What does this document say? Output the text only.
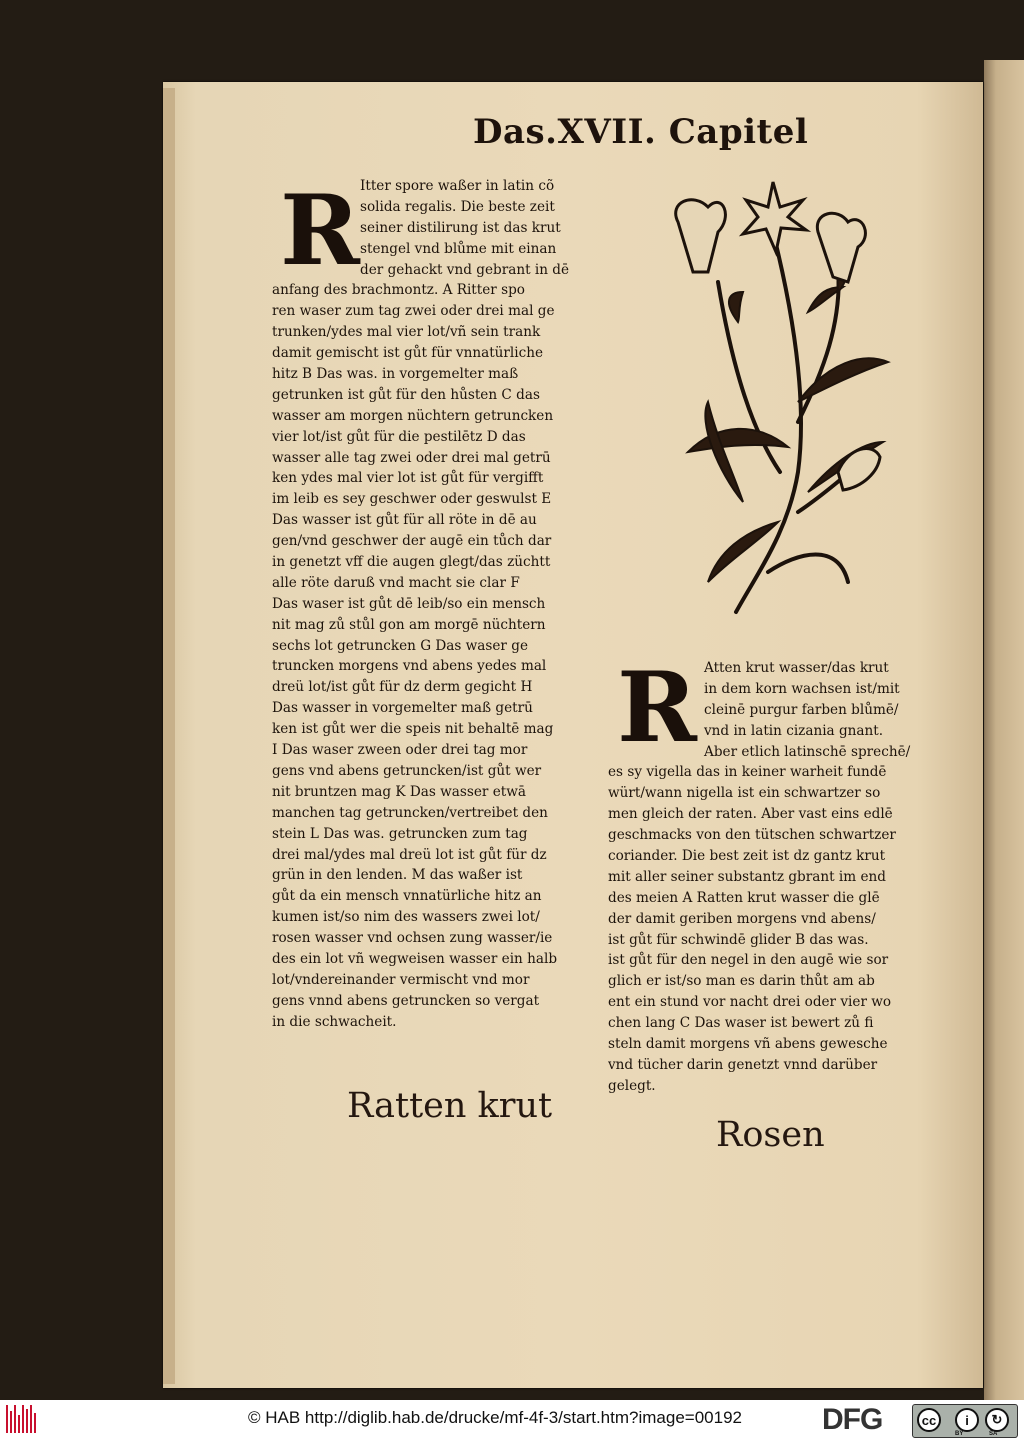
Das.XVII. Capitel
R Itter spore waßer in latin cõ
solida regalis. Die beste zeit
seiner distilirung ist das krut
stengel vnd blůme mit einan
der gehackt vnd gebrant in dē
anfang des brachmontz. A Ritter spo
ren waser zum tag zwei oder drei mal ge
trunken/ydes mal vier lot/vñ sein trank
damit gemischt ist gůt für vnnatürliche
hitz B Das was. in vorgemelter maß
getrunken ist gůt für den hůsten C das
wasser am morgen nüchtern getruncken
vier lot/ist gůt für die pestilētz D das
wasser alle tag zwei oder drei mal getrū
ken ydes mal vier lot ist gůt für vergifft
im leib es sey geschwer oder geswulst E
Das wasser ist gůt für all röte in dē au
gen/vnd geschwer der augē ein tůch dar
in genetzt vff die augen glegt/das züchtt
alle röte daruß vnd macht sie clar F
Das waser ist gůt dē leib/so ein mensch
nit mag zů stůl gon am morgē nüchtern
sechs lot getruncken G Das waser ge
truncken morgens vnd abens yedes mal
dreü lot/ist gůt für dz derm gegicht H
Das wasser in vorgemelter maß getrū
ken ist gůt wer die speis nit behaltē mag
I Das waser zween oder drei tag mor
gens vnd abens getruncken/ist gůt wer
nit bruntzen mag K Das wasser etwā
manchen tag getruncken/vertreibet den
stein L Das was. getruncken zum tag
drei mal/ydes mal dreü lot ist gůt für dz
grün in den lenden. M das waßer ist
gůt da ein mensch vnnatürliche hitz an
kumen ist/so nim des wassers zwei lot/
rosen wasser vnd ochsen zung wasser/ie
des ein lot vñ wegweisen wasser ein halb
lot/vndereinander vermischt vnd mor
gens vnnd abens getruncken so vergat
in die schwacheit.
R Atten krut wasser/das krut
in dem korn wachsen ist/mit
cleinē purgur farben blůmē/
vnd in latin cizania gnant.
Aber etlich latinschē sprechē/
es sy vigella das in keiner warheit fundē
würt/wann nigella ist ein schwartzer so
men gleich der raten. Aber vast eins edlē
geschmacks von den tütschen schwartzer
coriander. Die best zeit ist dz gantz krut
mit aller seiner substantz gbrant im end
des meien A Ratten krut wasser die glē
der damit geriben morgens vnd abens/
ist gůt für schwindē glider B das was.
ist gůt für den negel in den augē wie sor
glich er ist/so man es darin thůt am ab
ent ein stund vor nacht drei oder vier wo
chen lang C Das waser ist bewert zů fi
steln damit morgens vñ abens gewesche
vnd tücher darin genetzt vnnd darüber
gelegt.
Ratten krut
Rosen
© HAB http://diglib.hab.de/drucke/mf-4f-3/start.htm?image=00192	DFG	cc	i	↻
BY	SA
